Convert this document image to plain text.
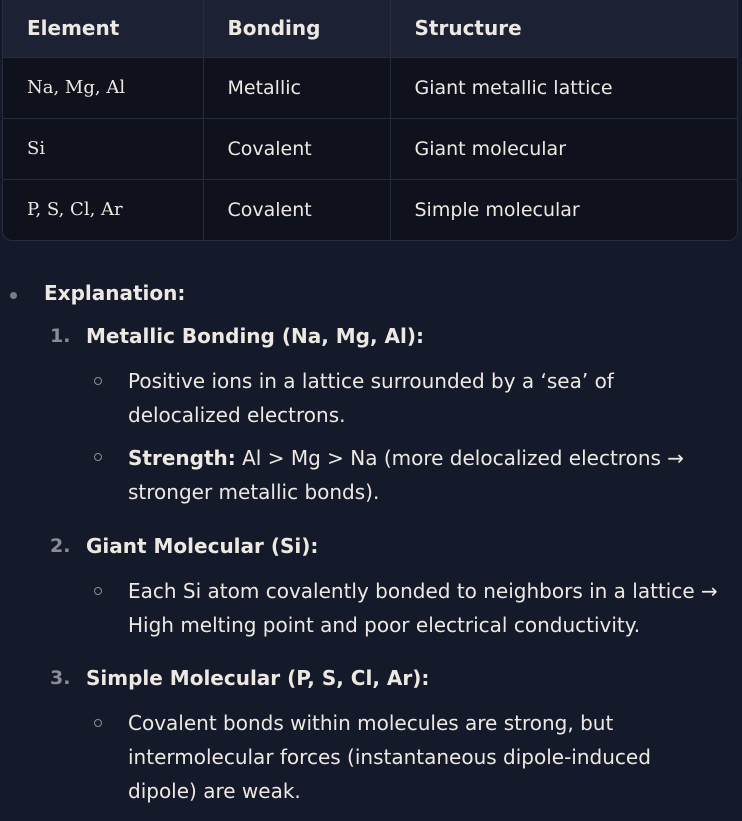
Element	Bonding	Structure
Na, Mg, Al	Metallic	Giant metallic lattice
Si	Covalent	Giant molecular
P, S, Cl, Ar	Covalent	Simple molecular
Explanation:
1. Metallic Bonding (Na, Mg, Al):
Positive ions in a lattice surrounded by a ‘sea’ of delocalized electrons.
Strength: Al > Mg > Na (more delocalized electrons → stronger metallic bonds).
2. Giant Molecular (Si):
Each Si atom covalently bonded to neighbors in a lattice → High melting point and poor electrical conductivity.
3. Simple Molecular (P, S, Cl, Ar):
Covalent bonds within molecules are strong, but intermolecular forces (instantaneous dipole-induced dipole) are weak.
